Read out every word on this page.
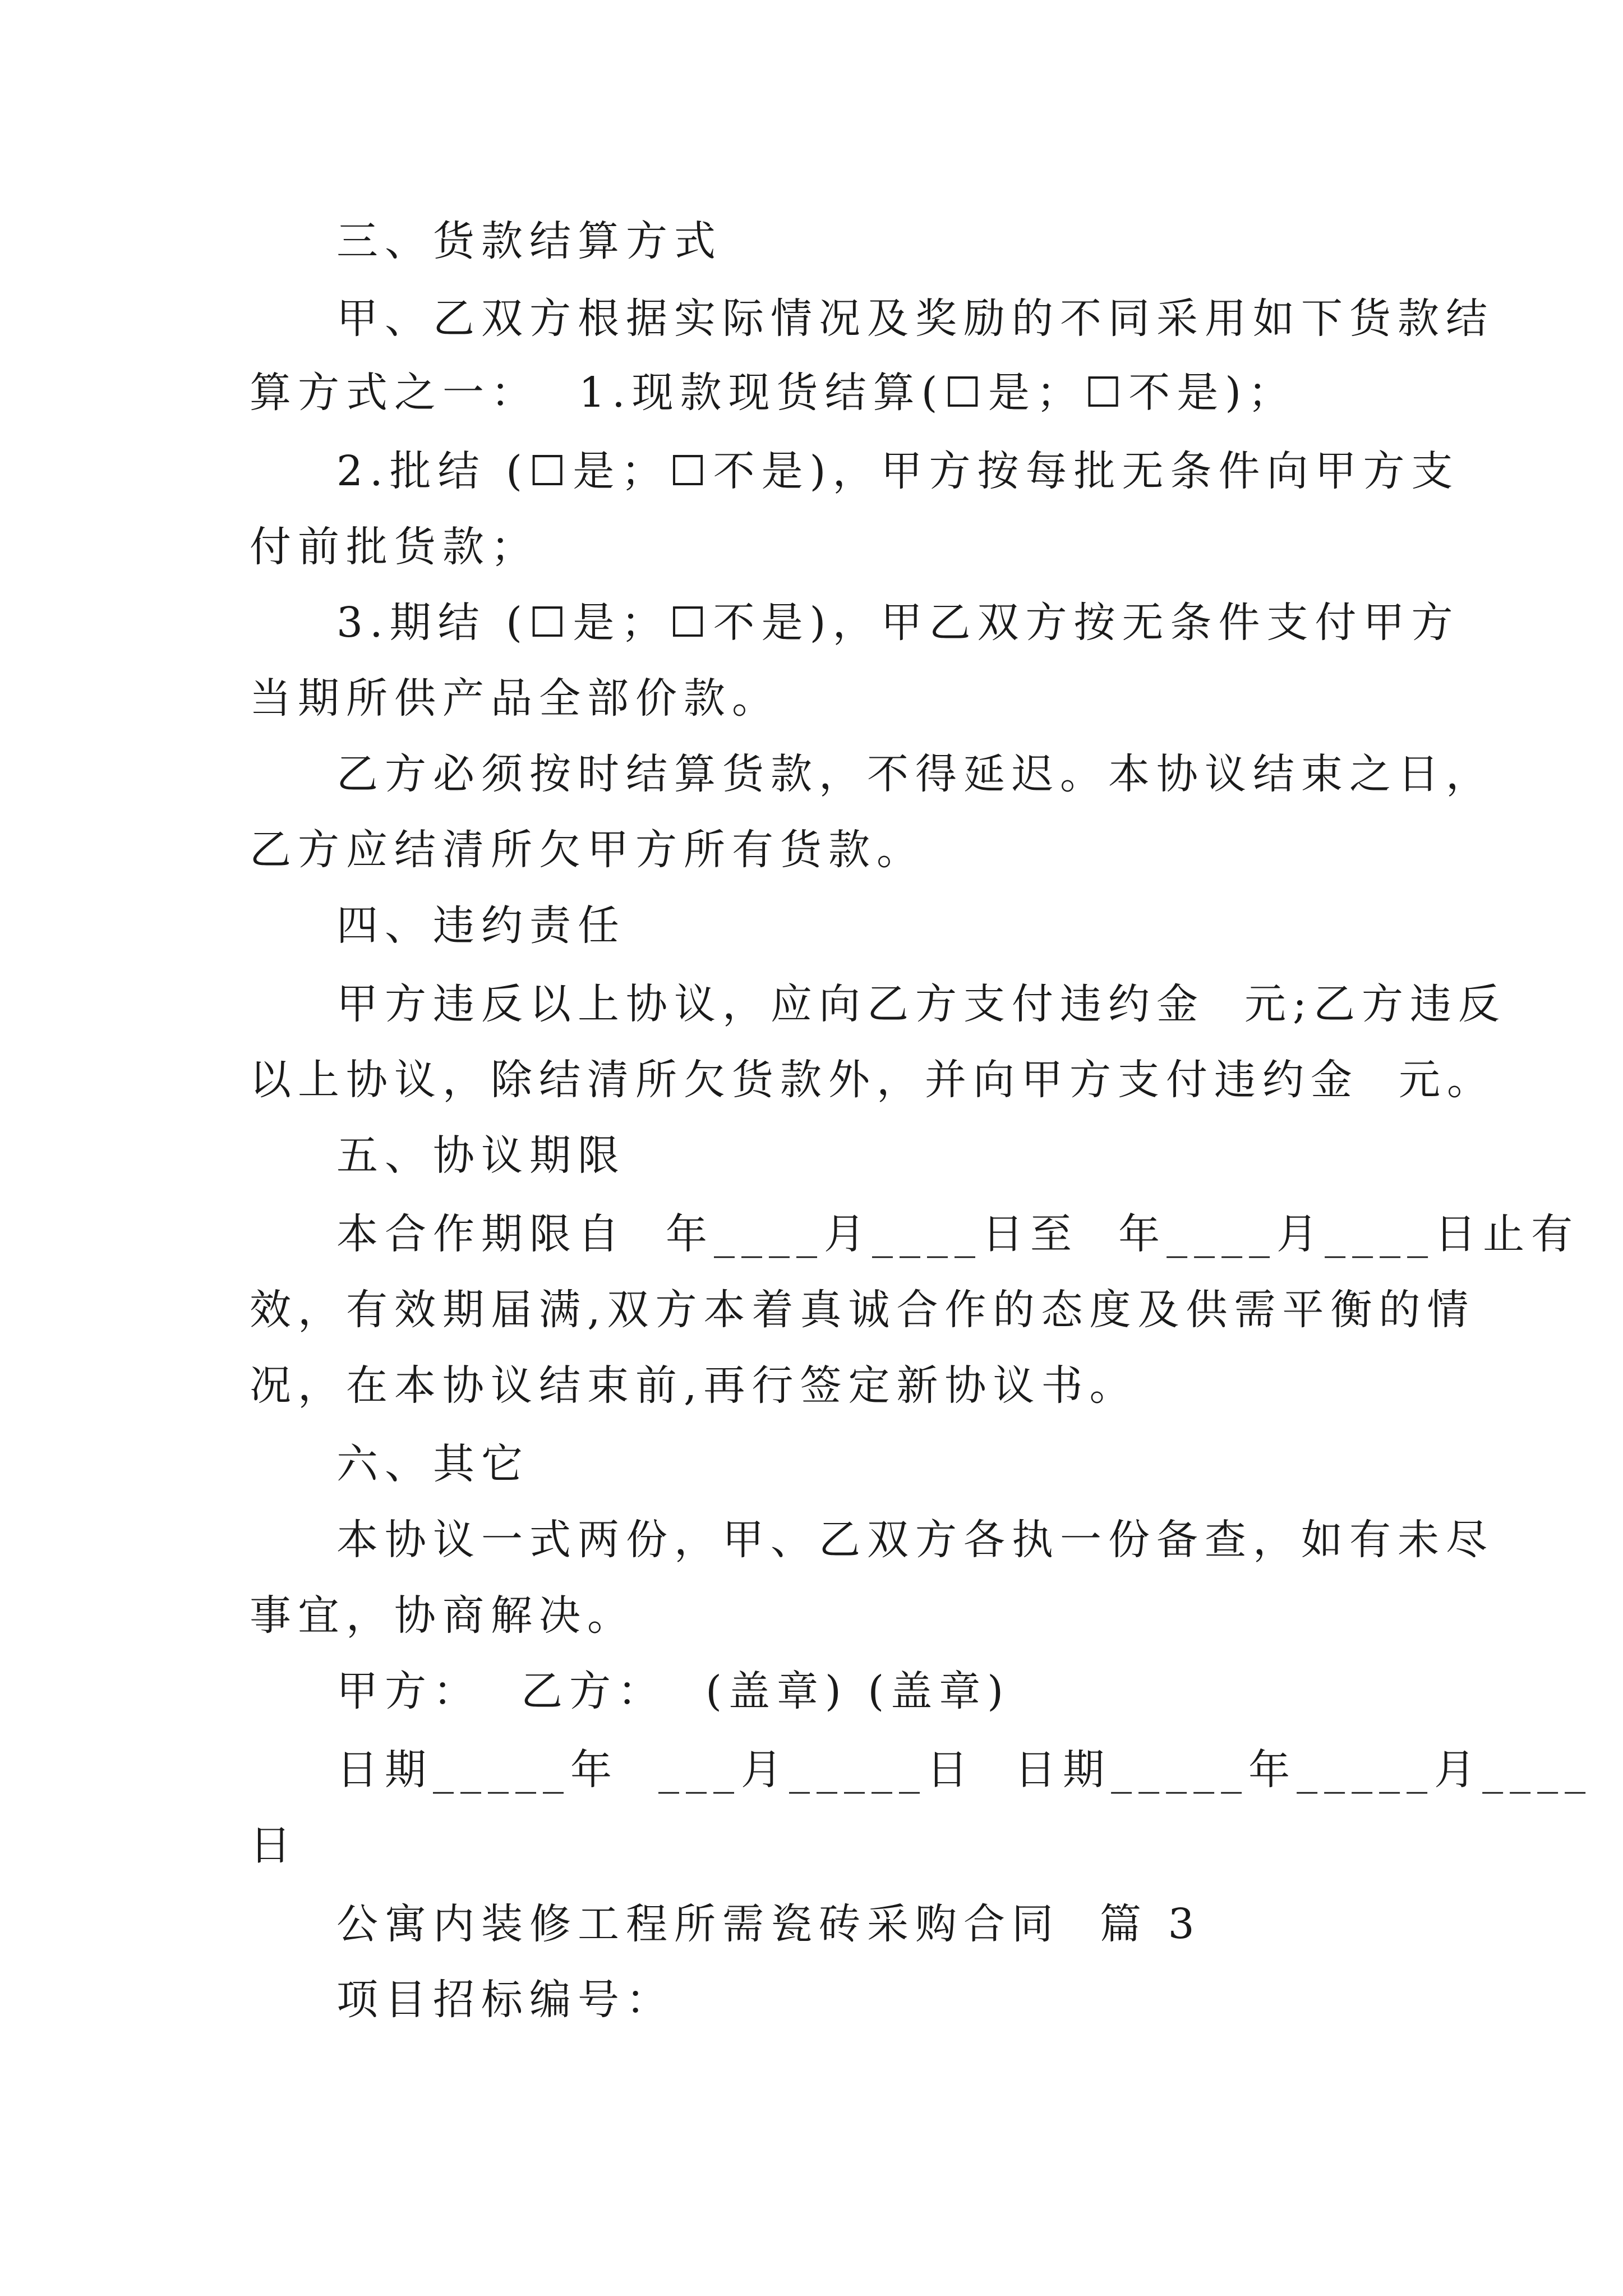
三、货款结算方式
甲、乙双方根据实际情况及奖励的不同采用如下货款结
算方式之一：  1.现款现货结算(☐是；☐不是)；
2.批结 (☐是；☐不是)，甲方按每批无条件向甲方支
付前批货款；
3.期结 (☐是；☐不是)，甲乙双方按无条件支付甲方
当期所供产品全部价款。
乙方必须按时结算货款，不得延迟。本协议结束之日，
乙方应结清所欠甲方所有货款。
四、违约责任
甲方违反以上协议，应向乙方支付违约金  元;乙方违反
以上协议，除结清所欠货款外，并向甲方支付违约金  元。
五、协议期限
本合作期限自  年____月____日至  年____月____日止有
效，有效期届满,双方本着真诚合作的态度及供需平衡的情
况，在本协议结束前,再行签定新协议书。
六、其它
本协议一式两份，甲、乙双方各执一份备查，如有未尽
事宜，协商解决。
甲方：  乙方：  (盖章) (盖章)
日期_____年  ___月_____日  日期_____年_____月____
日
公寓内装修工程所需瓷砖采购合同  篇 3
项目招标编号：
